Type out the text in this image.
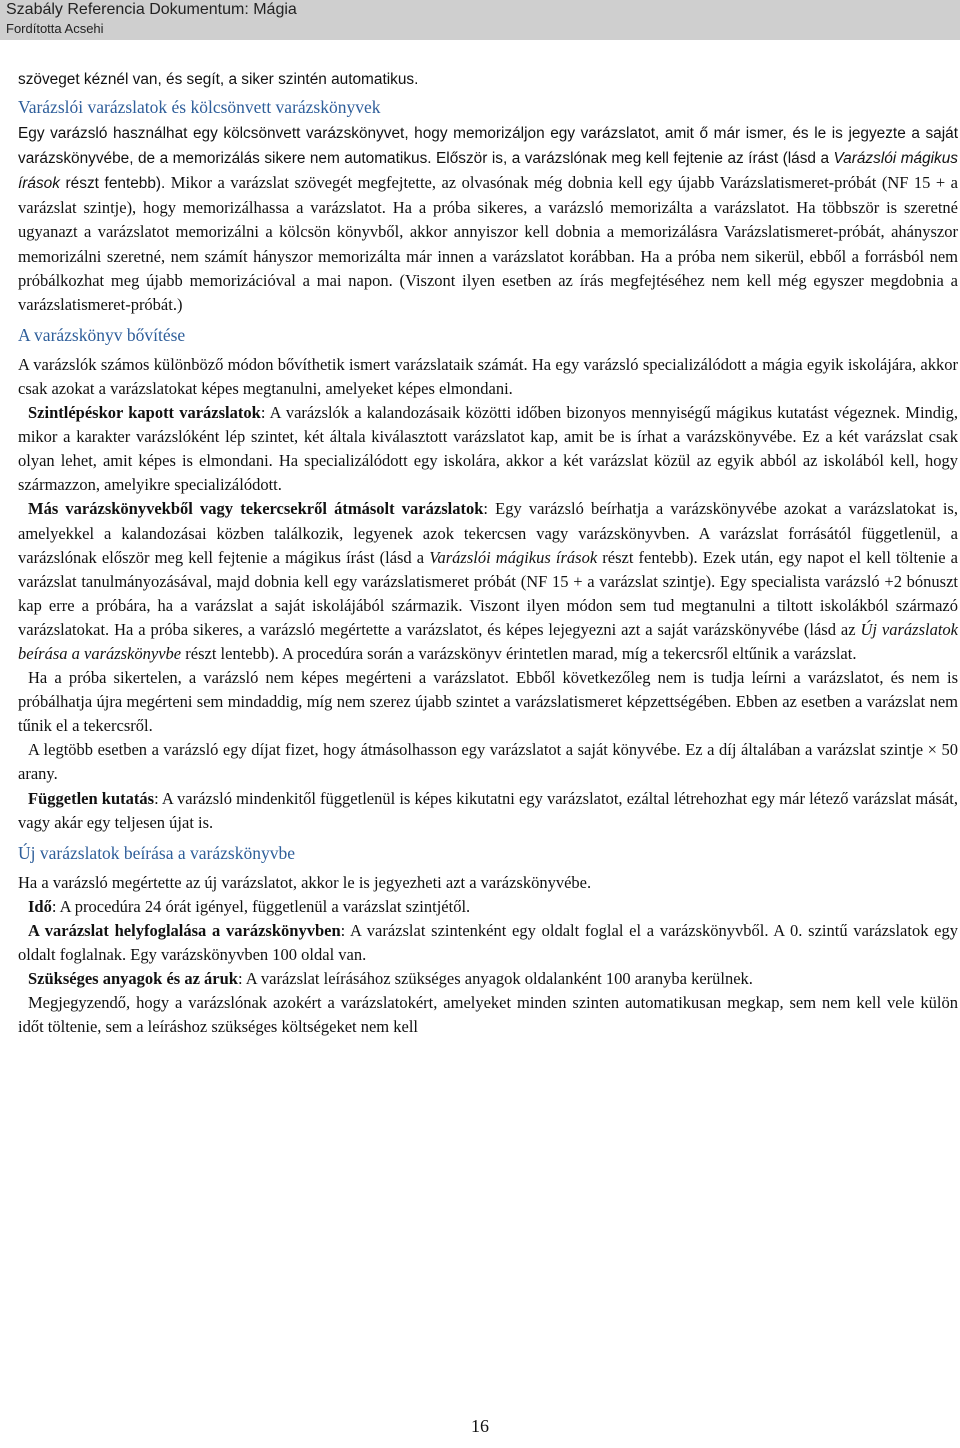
Szabály Referencia Dokumentum: Mágia
Fordította Acsehi

szöveget kéznél van, és segít, a siker szintén automatikus.

Varázslói varázslatok és kölcsönvett varázskönyvek

Egy varázsló használhat egy kölcsönvett varázskönyvet, hogy memorizáljon egy varázslatot, amit ő már ismer, és le is jegyezte a saját varázskönyvébe, de a memorizálás sikere nem automatikus. Először is, a varázslónak meg kell fejtenie az írást (lásd a Varázslói mágikus írások részt fentebb). Mikor a varázslat szövegét megfejtette, az olvasónak még dobnia kell egy újabb Varázslatismeret-próbát (NF 15 + a varázslat szintje), hogy memorizálhassa a varázslatot. Ha a próba sikeres, a varázsló memorizálta a varázslatot. Ha többször is szeretné ugyanazt a varázslatot memorizálni a kölcsön könyvből, akkor annyiszor kell dobnia a memorizálásra Varázslatismeret-próbát, ahányszor memorizálni szeretné, nem számít hányszor memorizálta már innen a varázslatot korábban. Ha a próba nem sikerül, ebből a forrásból nem próbálkozhat meg újabb memorizációval a mai napon. (Viszont ilyen esetben az írás megfejtéséhez nem kell még egyszer megdobnia a varázslatismeret-próbát.)

A varázskönyv bővítése

A varázslók számos különböző módon bővíthetik ismert varázslataik számát. Ha egy varázsló specializálódott a mágia egyik iskolájára, akkor csak azokat a varázslatokat képes megtanulni, amelyeket képes elmondani.

Szintlépéskor kapott varázslatok: A varázslók a kalandozásaik közötti időben bizonyos mennyiségű mágikus kutatást végeznek. Mindig, mikor a karakter varázslóként lép szintet, két általa kiválasztott varázslatot kap, amit be is írhat a varázskönyvébe. Ez a két varázslat csak olyan lehet, amit képes is elmondani. Ha specializálódott egy iskolára, akkor a két varázslat közül az egyik abból az iskolából kell, hogy származzon, amelyikre specializálódott.

Más varázskönyvekből vagy tekercsekről átmásolt varázslatok: Egy varázsló beírhatja a varázskönyvébe azokat a varázslatokat is, amelyekkel a kalandozásai közben találkozik, legyenek azok tekercsen vagy varázskönyvben. A varázslat forrásától függetlenül, a varázslónak először meg kell fejtenie a mágikus írást (lásd a Varázslói mágikus írások részt fentebb). Ezek után, egy napot el kell töltenie a varázslat tanulmányozásával, majd dobnia kell egy varázslatismeret próbát (NF 15 + a varázslat szintje). Egy specialista varázsló +2 bónuszt kap erre a próbára, ha a varázslat a saját iskolájából származik. Viszont ilyen módon sem tud megtanulni a tiltott iskolákból származó varázslatokat. Ha a próba sikeres, a varázsló megértette a varázslatot, és képes lejegyezni azt a saját varázskönyvébe (lásd az Új varázslatok beírása a varázskönyvbe részt lentebb). A procedúra során a varázskönyv érintetlen marad, míg a tekercsről eltűnik a varázslat.

Ha a próba sikertelen, a varázsló nem képes megérteni a varázslatot. Ebből következőleg nem is tudja leírni a varázslatot, és nem is próbálhatja újra megérteni sem mindaddig, míg nem szerez újabb szintet a varázslatismeret képzettségében. Ebben az esetben a varázslat nem tűnik el a tekercsről.

A legtöbb esetben a varázsló egy díjat fizet, hogy átmásolhasson egy varázslatot a saját könyvébe. Ez a díj általában a varázslat szintje × 50 arany.

Független kutatás: A varázsló mindenkitől függetlenül is képes kikutatni egy varázslatot, ezáltal létrehozhat egy már létező varázslat mását, vagy akár egy teljesen újat is.

Új varázslatok beírása a varázskönyvbe

Ha a varázsló megértette az új varázslatot, akkor le is jegyezheti azt a varázskönyvébe.

Idő: A procedúra 24 órát igényel, függetlenül a varázslat szintjétől.

A varázslat helyfoglalása a varázskönyvben: A varázslat szintenként egy oldalt foglal el a varázskönyvből. A 0. szintű varázslatok egy oldalt foglalnak. Egy varázskönyvben 100 oldal van.

Szükséges anyagok és az áruk: A varázslat leírásához szükséges anyagok oldalanként 100 aranyba kerülnek.

Megjegyzendő, hogy a varázslónak azokért a varázslatokért, amelyeket minden szinten automatikusan megkap, sem nem kell vele külön időt töltenie, sem a leíráshoz szükséges költségeket nem kell

16
